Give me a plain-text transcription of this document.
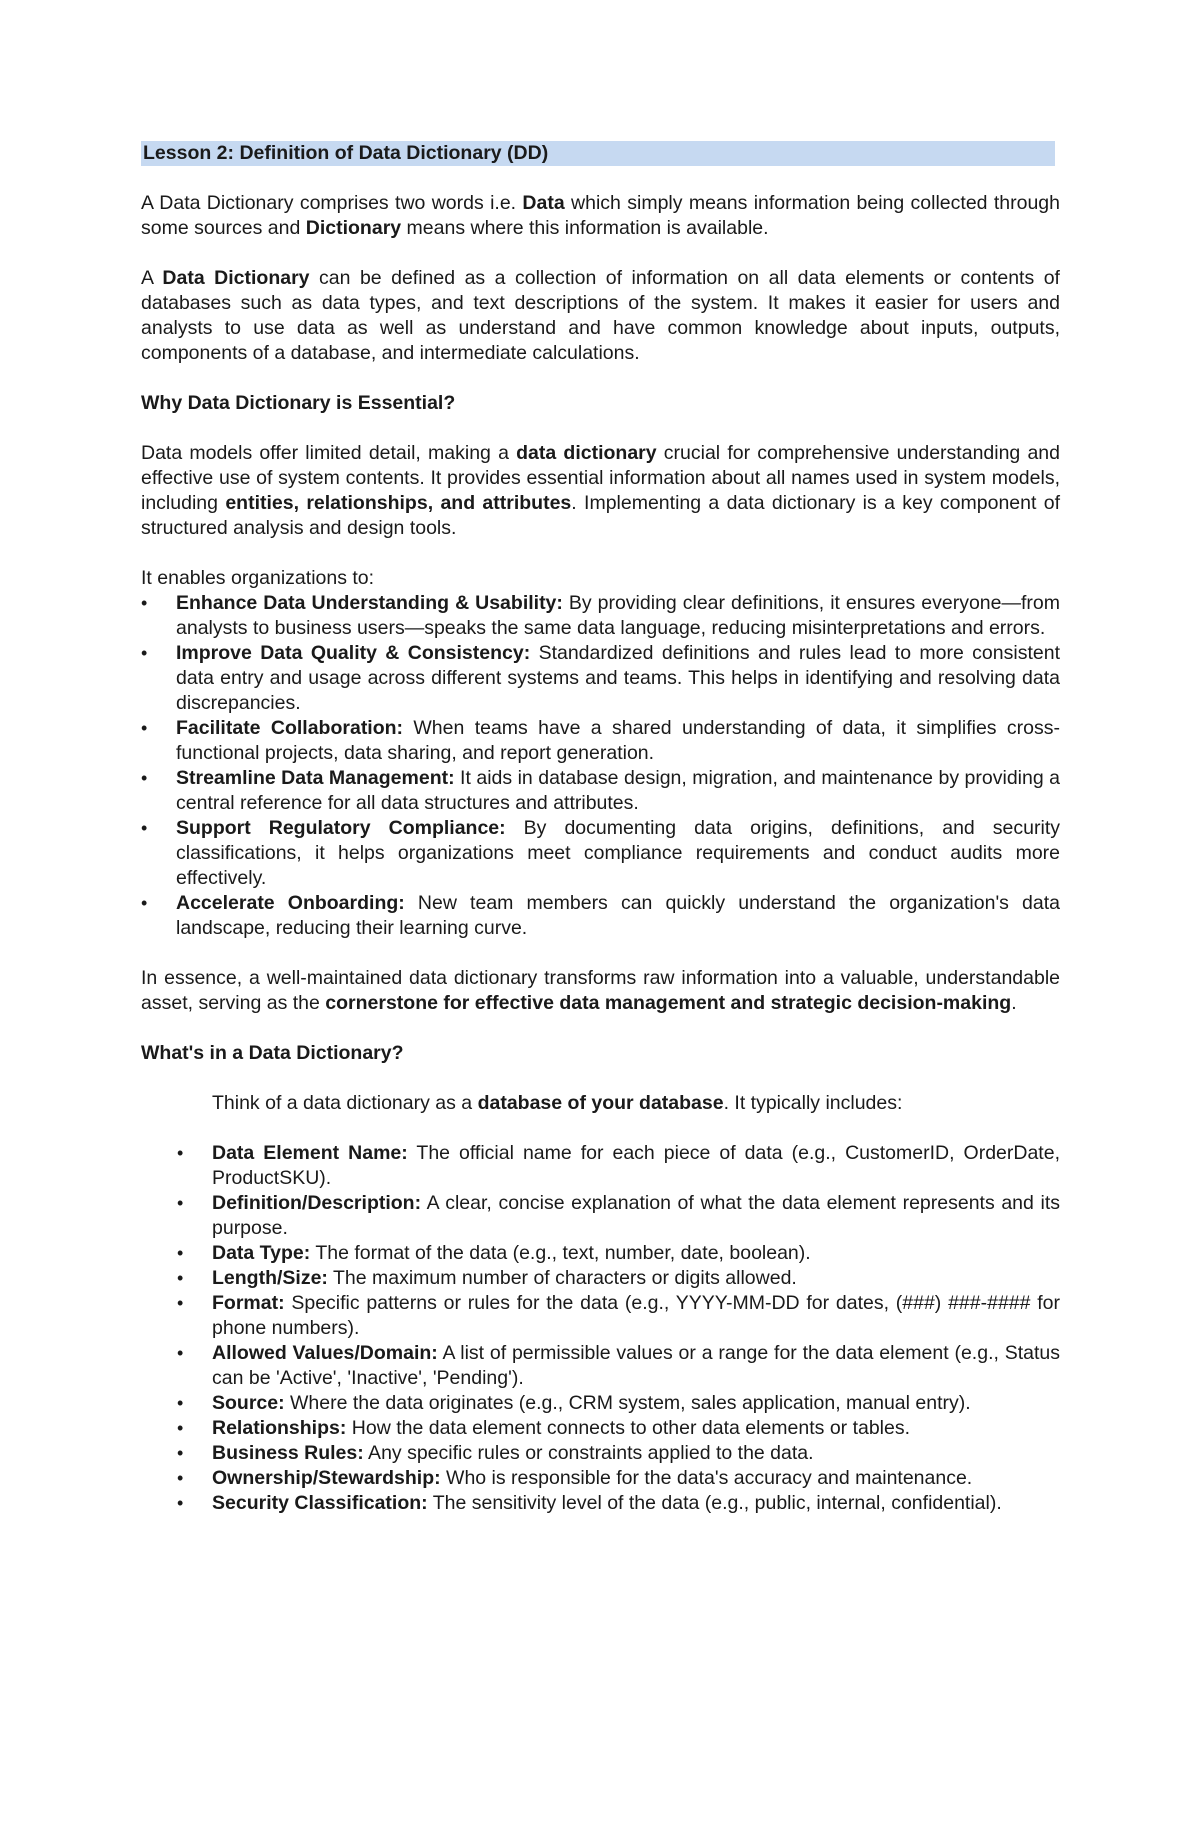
Lesson 2: Definition of Data Dictionary (DD)

A Data Dictionary comprises two words i.e. Data which simply means information being collected through some sources and Dictionary means where this information is available.

A Data Dictionary can be defined as a collection of information on all data elements or contents of databases such as data types, and text descriptions of the system. It makes it easier for users and analysts to use data as well as understand and have common knowledge about inputs, outputs, components of a database, and intermediate calculations.

Why Data Dictionary is Essential?

Data models offer limited detail, making a data dictionary crucial for comprehensive understanding and effective use of system contents. It provides essential information about all names used in system models, including entities, relationships, and attributes. Implementing a data dictionary is a key component of structured analysis and design tools.

It enables organizations to:
• Enhance Data Understanding & Usability: By providing clear definitions, it ensures everyone—from analysts to business users—speaks the same data language, reducing misinterpretations and errors.
• Improve Data Quality & Consistency: Standardized definitions and rules lead to more consistent data entry and usage across different systems and teams. This helps in identifying and resolving data discrepancies.
• Facilitate Collaboration: When teams have a shared understanding of data, it simplifies cross-functional projects, data sharing, and report generation.
• Streamline Data Management: It aids in database design, migration, and maintenance by providing a central reference for all data structures and attributes.
• Support Regulatory Compliance: By documenting data origins, definitions, and security classifications, it helps organizations meet compliance requirements and conduct audits more effectively.
• Accelerate Onboarding: New team members can quickly understand the organization's data landscape, reducing their learning curve.

In essence, a well-maintained data dictionary transforms raw information into a valuable, understandable asset, serving as the cornerstone for effective data management and strategic decision-making.

What's in a Data Dictionary?
Think of a data dictionary as a database of your database. It typically includes:
• Data Element Name: The official name for each piece of data (e.g., CustomerID, OrderDate, ProductSKU).
• Definition/Description: A clear, concise explanation of what the data element represents and its purpose.
• Data Type: The format of the data (e.g., text, number, date, boolean).
• Length/Size: The maximum number of characters or digits allowed.
• Format: Specific patterns or rules for the data (e.g., YYYY-MM-DD for dates, (###) ###-#### for phone numbers).
• Allowed Values/Domain: A list of permissible values or a range for the data element (e.g., Status can be 'Active', 'Inactive', 'Pending').
• Source: Where the data originates (e.g., CRM system, sales application, manual entry).
• Relationships: How the data element connects to other data elements or tables.
• Business Rules: Any specific rules or constraints applied to the data.
• Ownership/Stewardship: Who is responsible for the data's accuracy and maintenance.
• Security Classification: The sensitivity level of the data (e.g., public, internal, confidential).
